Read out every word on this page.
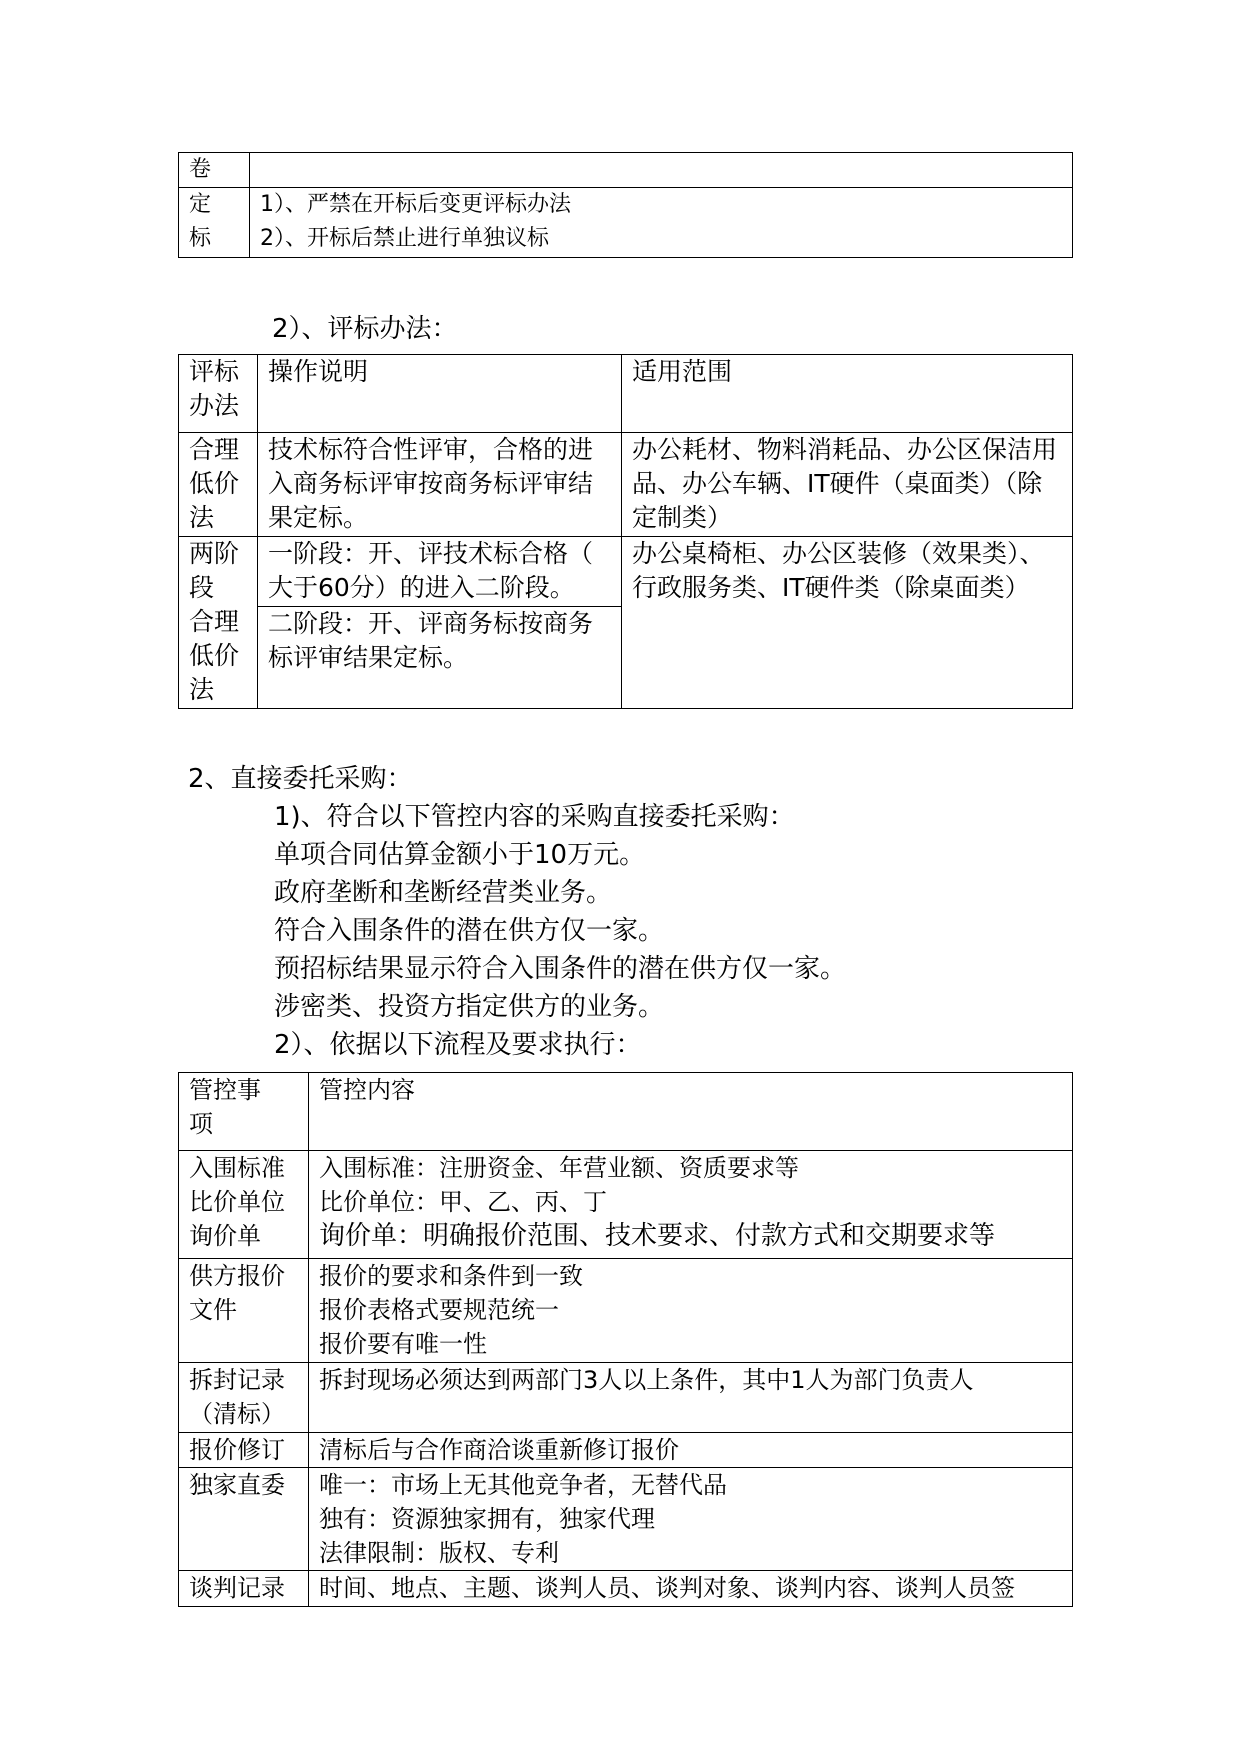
卷	

定
标	1）、严禁在开标后变更评标办法
2）、开标后禁止进行单独议标
2）、评标办法：
评标
办法	操作说明	适用范围

合理
低价
法	技术标符合性评审，合格的进
入商务标评审按商务标评审结
果定标。	办公耗材、物料消耗品、办公区保洁用
品、办公车辆、IT硬件（桌面类）（除
定制类）

两阶
段
合理
低价
法	一阶段：开、评技术标合格（
大于60分）的进入二阶段。	办公桌椅柜、办公区装修（效果类）、
行政服务类、IT硬件类（除桌面类）

	二阶段：开、评商务标按商务
标评审结果定标。	
2、直接委托采购：
1)、符合以下管控内容的采购直接委托采购：
单项合同估算金额小于10万元。
政府垄断和垄断经营类业务。
符合入围条件的潜在供方仅一家。
预招标结果显示符合入围条件的潜在供方仅一家。
涉密类、投资方指定供方的业务。
2）、依据以下流程及要求执行：
管控事
项	管控内容

入围标准
比价单位
询价单	入围标准：注册资金、年营业额、资质要求等
比价单位：甲、乙、丙、丁
询价单：明确报价范围、技术要求、付款方式和交期要求等

供方报价
文件	报价的要求和条件到一致
报价表格式要规范统一
报价要有唯一性

拆封记录
（清标）	拆封现场必须达到两部门3人以上条件，其中1人为部门负责人

报价修订	清标后与合作商洽谈重新修订报价

独家直委	唯一：市场上无其他竞争者，无替代品
独有：资源独家拥有，独家代理
法律限制：版权、专利

谈判记录	时间、地点、主题、谈判人员、谈判对象、谈判内容、谈判人员签
